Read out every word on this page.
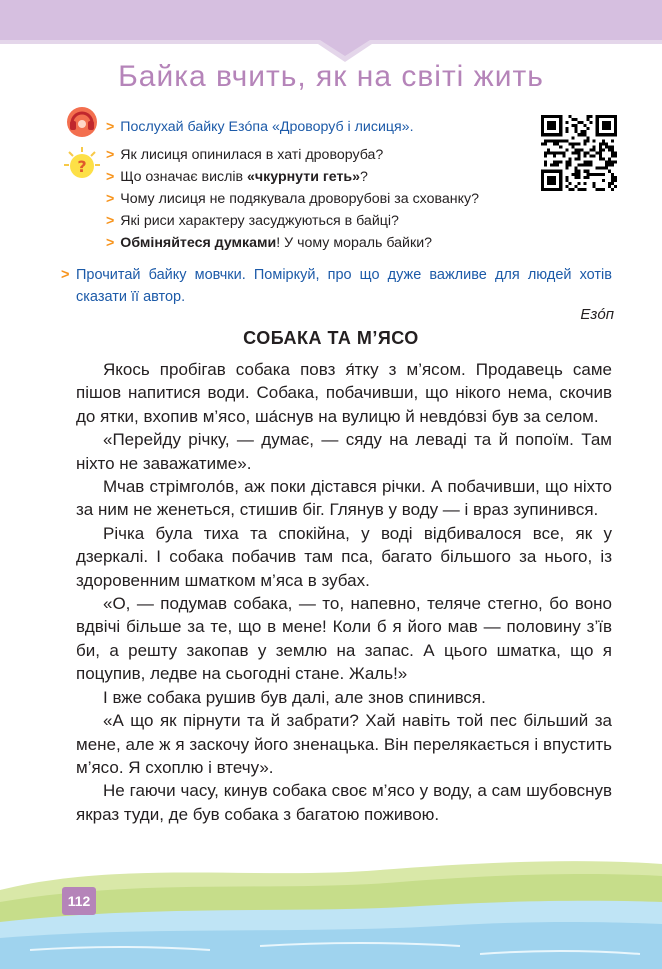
Байка вчить, як на світі жить
?
> Послухай байку Езóпа «Дроворуб і лисиця».
> Як лисиця опинилася в хаті дроворуба?
> Що означає вислів «чкурнути геть»?
> Чому лисиця не подякувала дроворубові за схованку?
> Які риси характеру засуджуються в байці?
> Обміняйтеся думками! У чому мораль байки?
> Прочитай байку мовчки. Поміркуй, про що дуже важливе для людей хотів сказати її автор.

Езóп
СОБАКА ТА М’ЯСО

Якось пробігав собака повз я́тку з м’ясом. Продавець саме пішов напитися води. Собака, побачивши, що нікого нема, скочив до ятки, вхопив м’ясо, ша́снув на вулицю й невдо́взі був за селом.

«Перейду річку, — думає, — сяду на леваді та й попоїм. Там ніхто не заважатиме».

Мчав стрімголо́в, аж поки дістався річки. А побачивши, що ніхто за ним не женеться, стишив біг. Глянув у воду — і враз зупинився.

Річка була тиха та спокійна, у воді відбивалося все, як у дзеркалі. І собака побачив там пса, багато більшого за нього, із здоровенним шматком м’яса в зубах.

«О, — подумав собака, — то, напевно, теляче стегно, бо воно вдвічі більше за те, що в мене! Коли б я його мав — половину з’їв би, а решту закопав у землю на запас. А цього шматка, що я поцупив, ледве на сьогодні стане. Жаль!»

І вже собака рушив був далі, але знов спинився.

«А що як пірнути та й забрати? Хай навіть той пес більший за мене, але ж я заскочу його зненацька. Він перелякається і впустить м’ясо. Я схоплю і втечу».

Не гаючи часу, кинув собака своє м’ясо у воду, а сам шубовснув якраз туди, де був собака з багатою поживою.

112
